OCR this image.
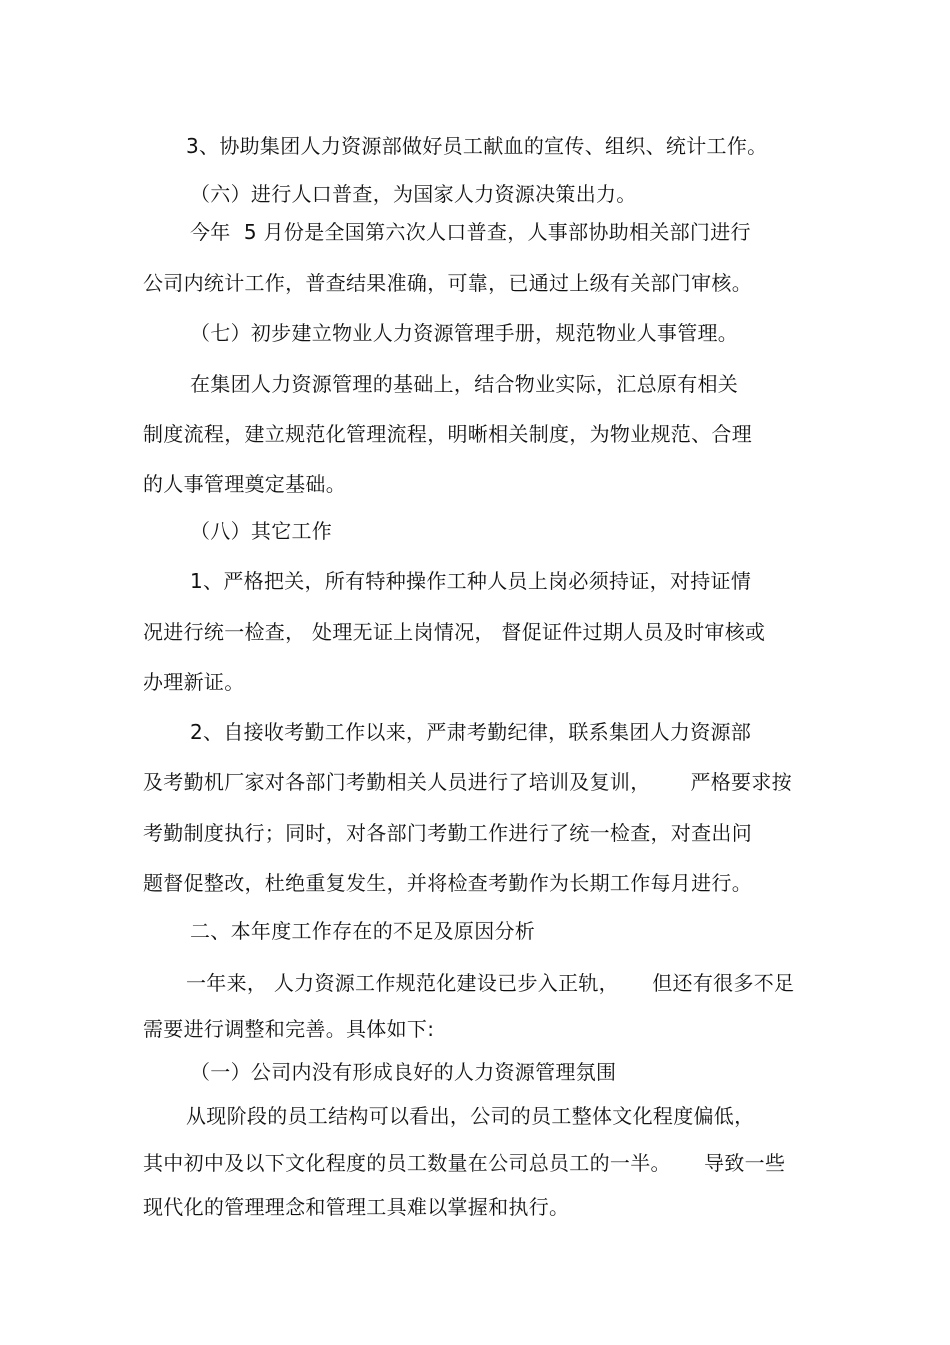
3、协助集团人力资源部做好员工献血的宣传、组织、统计工作。
（六）进行人口普查，为国家人力资源决策出力。
今年  5 月份是全国第六次人口普查，人事部协助相关部门进行
公司内统计工作，普查结果准确，可靠，已通过上级有关部门审核。
（七）初步建立物业人力资源管理手册，规范物业人事管理。
在集团人力资源管理的基础上，结合物业实际，汇总原有相关
制度流程，建立规范化管理流程，明晰相关制度，为物业规范、合理
的人事管理奠定基础。
（八）其它工作
1、严格把关，所有特种操作工种人员上岗必须持证，对持证情
况进行统一检查， 处理无证上岗情况， 督促证件过期人员及时审核或
办理新证。
2、自接收考勤工作以来，严肃考勤纪律，联系集团人力资源部
及考勤机厂家对各部门考勤相关人员进行了培训及复训，      严格要求按
考勤制度执行；同时，对各部门考勤工作进行了统一检查，对查出问
题督促整改，杜绝重复发生，并将检查考勤作为长期工作每月进行。
二、本年度工作存在的不足及原因分析
一年来， 人力资源工作规范化建设已步入正轨，     但还有很多不足
需要进行调整和完善。具体如下:
（一）公司内没有形成良好的人力资源管理氛围
从现阶段的员工结构可以看出，公司的员工整体文化程度偏低，
其中初中及以下文化程度的员工数量在公司总员工的一半。     导致一些
现代化的管理理念和管理工具难以掌握和执行。
